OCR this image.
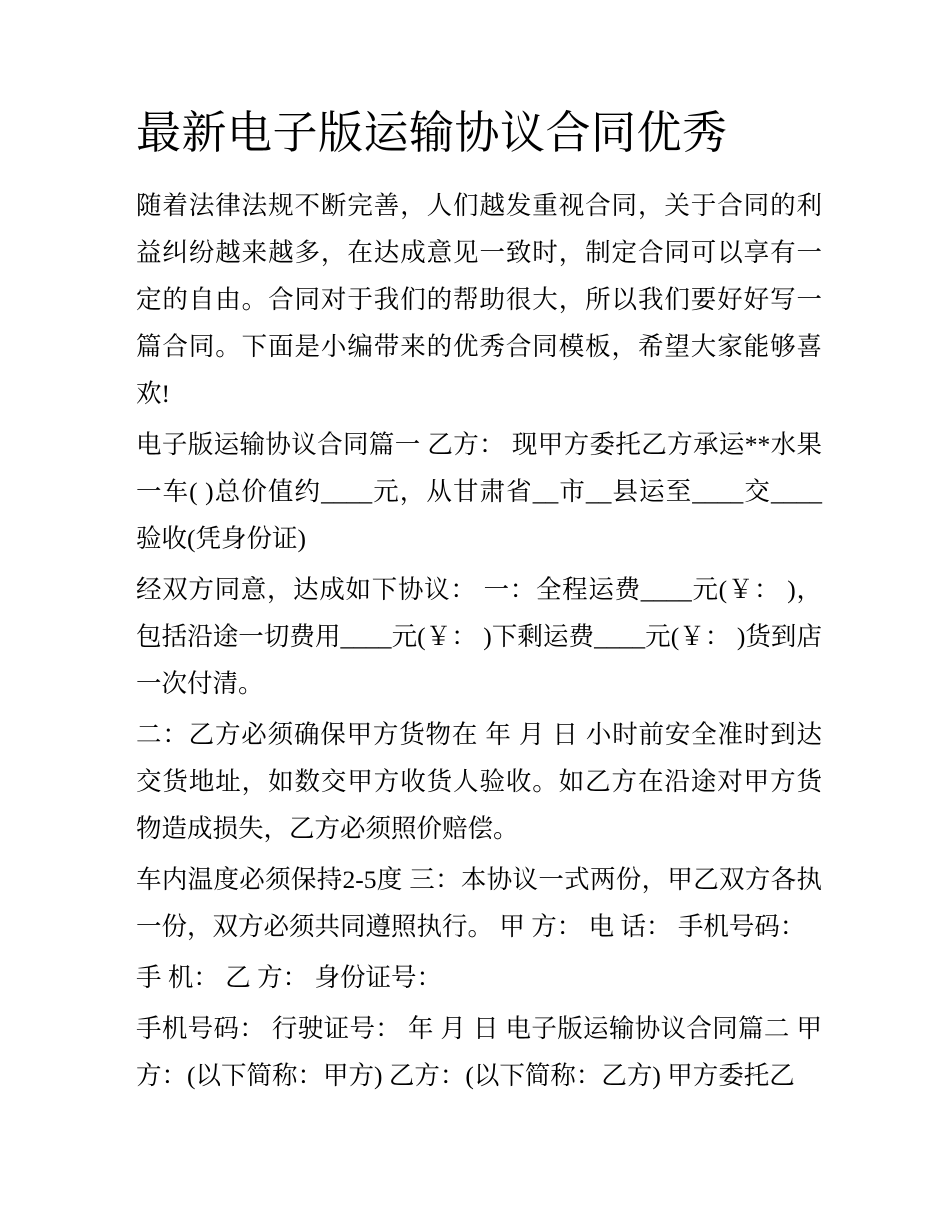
最新电子版运输协议合同优秀

随着法律法规不断完善，人们越发重视合同，关于合同的利益纠纷越来越多，在达成意见一致时，制定合同可以享有一定的自由。合同对于我们的帮助很大，所以我们要好好写一篇合同。下面是小编带来的优秀合同模板，希望大家能够喜欢!

电子版运输协议合同篇一 乙方： 现甲方委托乙方承运**水果一车( )总价值约____元，从甘肃省__市__县运至____交____验收(凭身份证)

经双方同意，达成如下协议： 一：全程运费____元(￥： )，包括沿途一切费用____元(￥： )下剩运费____元(￥： )货到店一次付清。

二：乙方必须确保甲方货物在 年 月 日 小时前安全准时到达交货地址，如数交甲方收货人验收。如乙方在沿途对甲方货物造成损失，乙方必须照价赔偿。

车内温度必须保持2-5度 三：本协议一式两份，甲乙双方各执一份，双方必须共同遵照执行。 甲 方： 电 话： 手机号码：

手 机： 乙 方： 身份证号：

手机号码： 行驶证号： 年 月 日 电子版运输协议合同篇二 甲方：(以下简称：甲方) 乙方：(以下简称：乙方) 甲方委托乙
